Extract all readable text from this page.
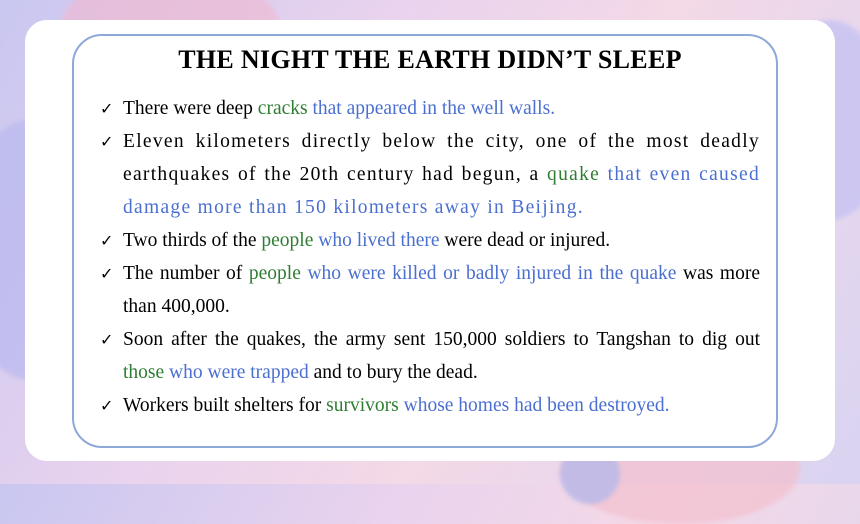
THE NIGHT THE EARTH DIDN’T SLEEP
✓ There were deep cracks that appeared in the well walls.
✓ Eleven kilometers directly below the city, one of the most deadly earthquakes of the 20th century had begun, a quake that even caused damage more than 150 kilometers away in Beijing.
✓ Two thirds of the people who lived there were dead or injured.
✓ The number of people who were killed or badly injured in the quake was more than 400,000.
✓ Soon after the quakes, the army sent 150,000 soldiers to Tangshan to dig out those who were trapped and to bury the dead.
✓ Workers built shelters for survivors whose homes had been destroyed.
